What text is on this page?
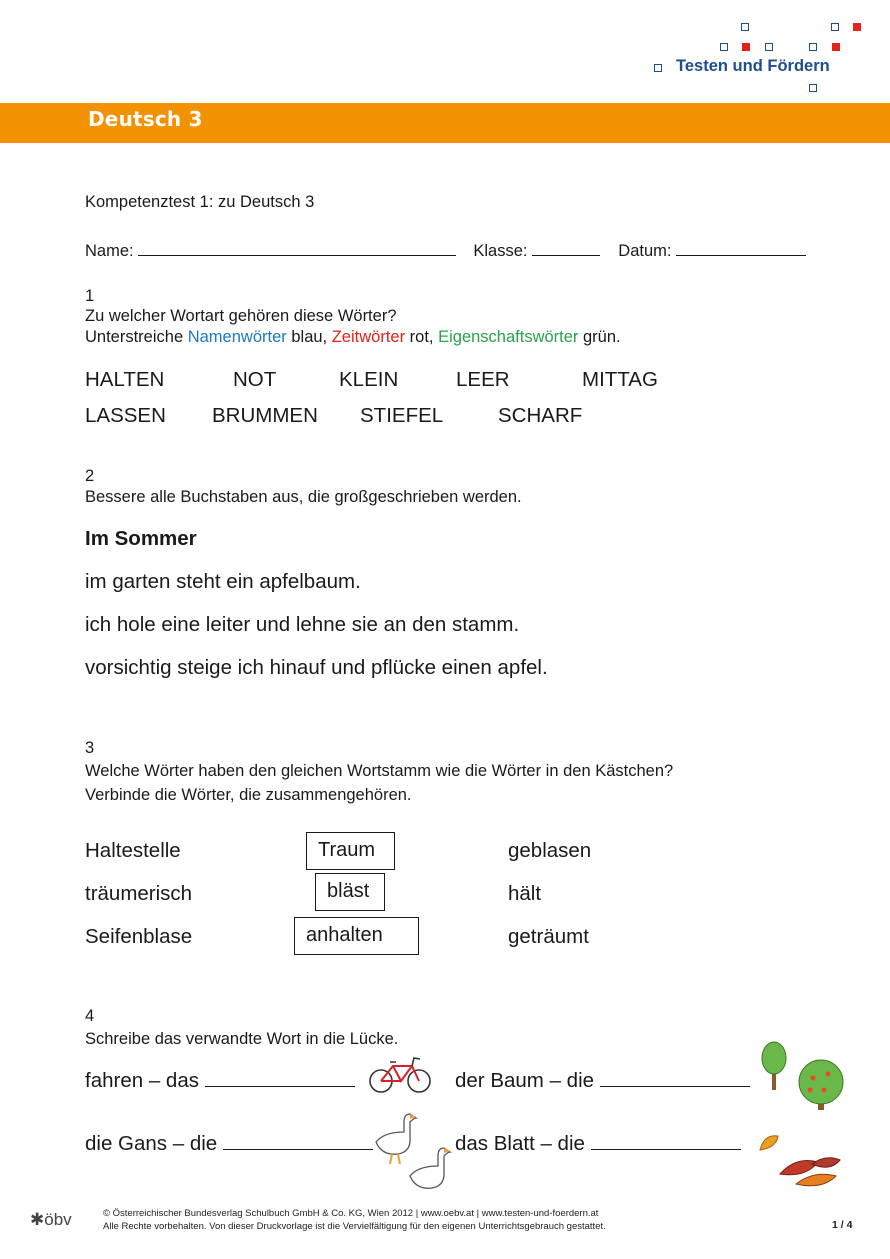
Testen und Fördern
Deutsch 3
Kompetenztest 1: zu Deutsch 3
Name:	Klasse:	Datum:
1
Zu welcher Wortart gehören diese Wörter?
Unterstreiche Namenwörter blau, Zeitwörter rot, Eigenschaftswörter grün.
HALTEN	NOT	KLEIN	LEER	MITTAG
LASSEN BRUMMEN STIEFEL	SCHARF
2
Bessere alle Buchstaben aus, die großgeschrieben werden.
Im Sommer
im garten steht ein apfelbaum.
ich hole eine leiter und lehne sie an den stamm.
vorsichtig steige ich hinauf und pflücke einen apfel.
3
Welche Wörter haben den gleichen Wortstamm wie die Wörter in den Kästchen?
Verbinde die Wörter, die zusammengehören.
Haltestelle
träumerisch
Seifenblase
Traum
bläst
anhalten
geblasen
hält
geträumt
4
Schreibe das verwandte Wort in die Lücke.
fahren – das	der Baum – die
die Gans – die	das Blatt – die
✱öbv	© Österreichischer Bundesverlag Schulbuch GmbH & Co. KG, Wien 2012 | www.oebv.at | www.testen-und-foerdern.at
Alle Rechte vorbehalten. Von dieser Druckvorlage ist die Vervielfältigung für den eigenen Unterrichtsgebrauch gestattet.	1 / 4
